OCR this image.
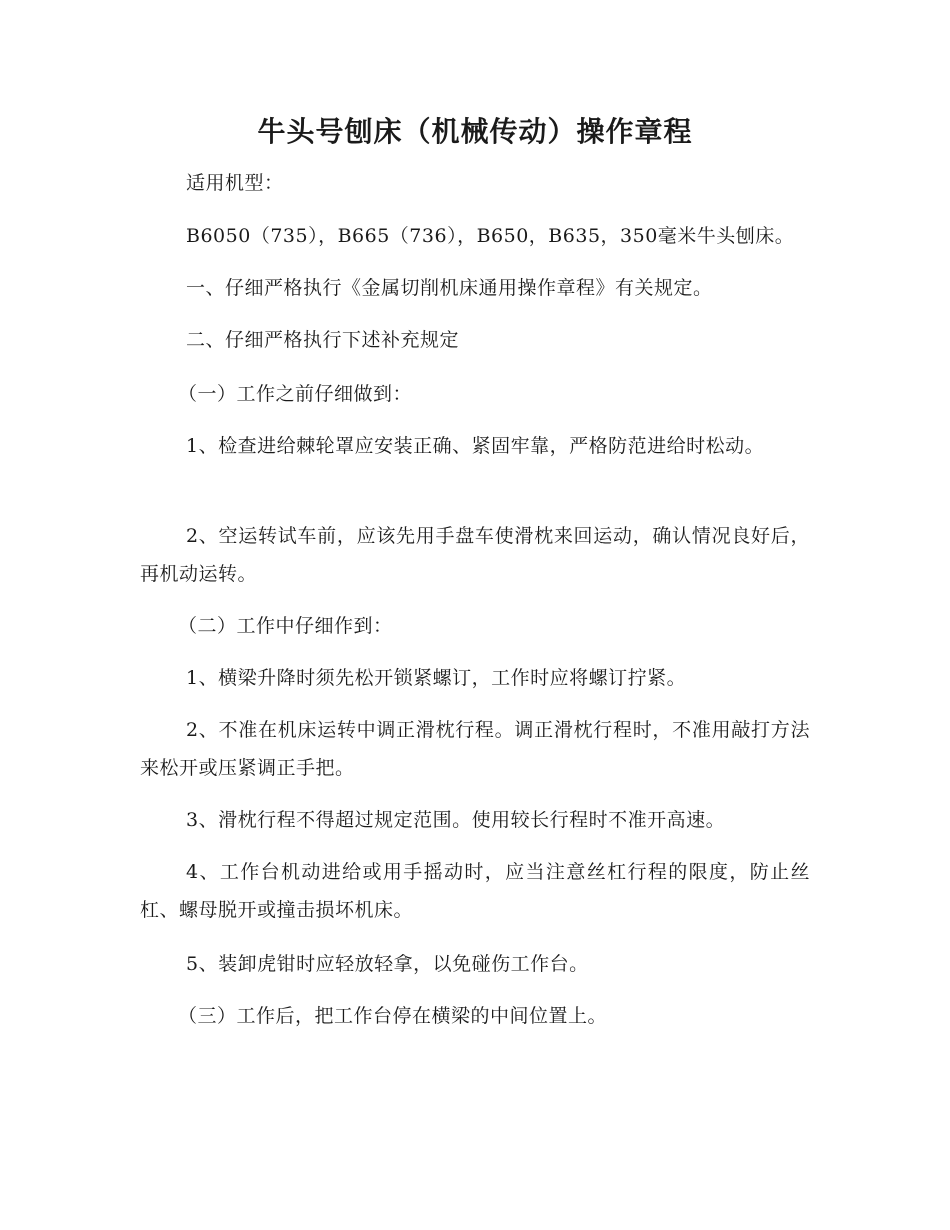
牛头号刨床（机械传动）操作章程
适用机型：
B6050（735），B665（736），B650，B635，350毫米牛头刨床。
一、仔细严格执行《金属切削机床通用操作章程》有关规定。
二、仔细严格执行下述补充规定
（一）工作之前仔细做到：
1、检查进给棘轮罩应安装正确、紧固牢靠，严格防范进给时松动。
2、空运转试车前，应该先用手盘车使滑枕来回运动，确认情况良好后，再机动运转。
（二）工作中仔细作到：
1、横梁升降时须先松开锁紧螺订，工作时应将螺订拧紧。
2、不准在机床运转中调正滑枕行程。调正滑枕行程时，不准用敲打方法来松开或压紧调正手把。
3、滑枕行程不得超过规定范围。使用较长行程时不准开高速。
4、工作台机动进给或用手摇动时，应当注意丝杠行程的限度，防止丝杠、螺母脱开或撞击损坏机床。
5、装卸虎钳时应轻放轻拿，以免碰伤工作台。
（三）工作后，把工作台停在横梁的中间位置上。
